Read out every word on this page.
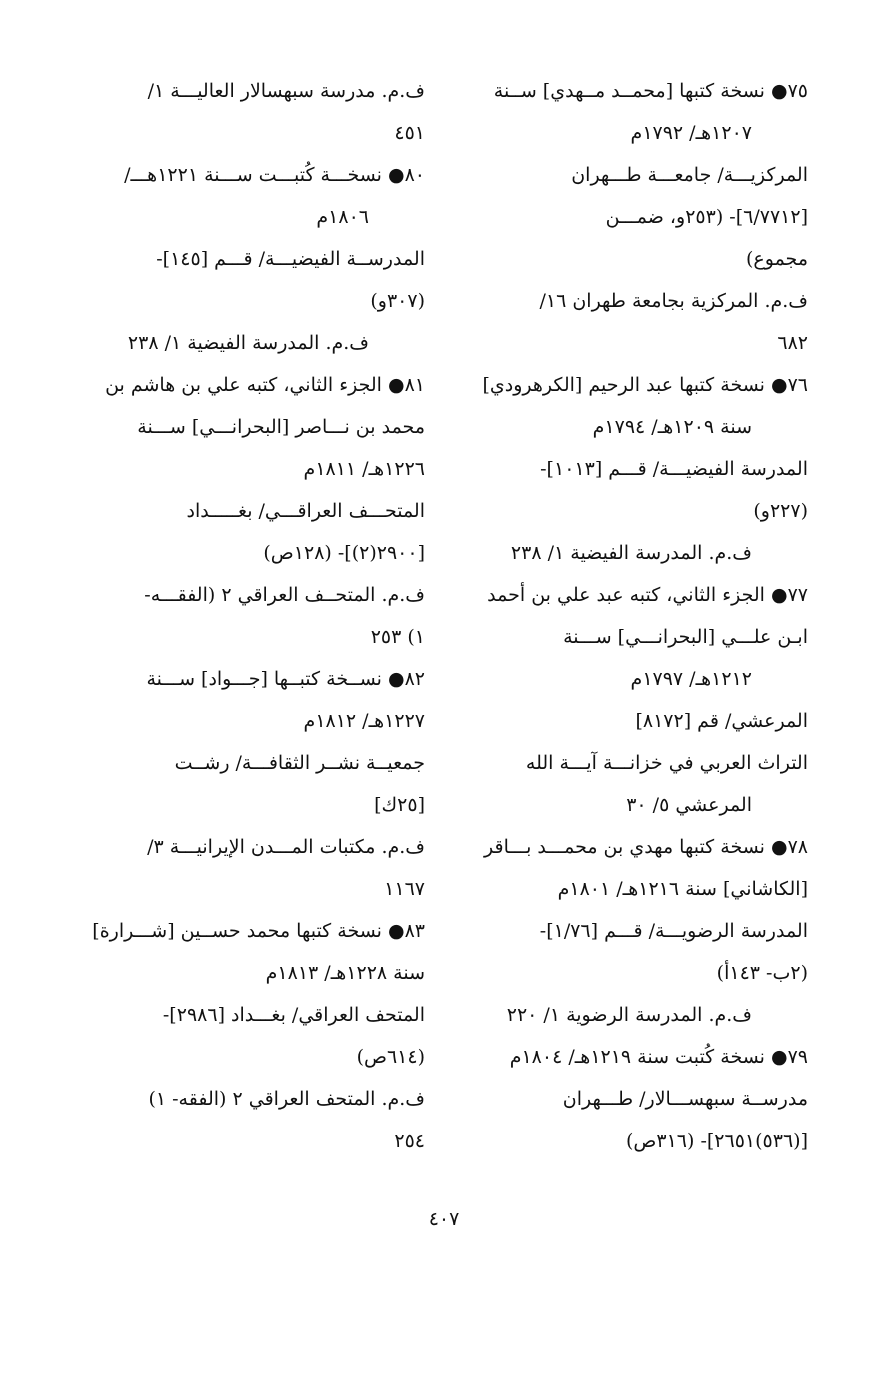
٧٥● نسخة كتبها [محمــد مــهدي] ســنة
١٢٠٧هـ/ ١٧٩٢م
المركزيـــة/ جامعـــة طـــهران
[٦/٧٧١٢]- (٢٥٣و، ضمـــن
مجموع)
ف.م. المركزية بجامعة طهران ١٦/
٦٨٢
٧٦● نسخة كتبها عبد الرحيم [الكرهرودي]
سنة ١٢٠٩هـ/ ١٧٩٤م
المدرسة الفيضيـــة/ قـــم [١٠١٣]-
(٢٢٧و)
ف.م. المدرسة الفيضية ١/ ٢٣٨
٧٧● الجزء الثاني، كتبه عبد علي بن أحمد
ابـن علـــي [البحرانـــي] ســـنة
١٢١٢هـ/ ١٧٩٧م
المرعشي/ قم [٨١٧٢]
التراث العربي في خزانـــة آيـــة الله
المرعشي ٥/ ٣٠
٧٨● نسخة كتبها مهدي بن محمـــد بـــاقر
[الكاشاني] سنة ١٢١٦هـ/ ١٨٠١م
المدرسة الرضويـــة/ قـــم [١/٧٦]-
(٢ب- ١٤٣أ)
ف.م. المدرسة الرضوية ١/ ٢٢٠
٧٩● نسخة كُتبت سنة ١٢١٩هـ/ ١٨٠٤م
مدرســة سبهســـالار/ طـــهران
[(٥٣٦)٢٦٥١]- (٣١٦ص)
ف.م. مدرسة سبهسالار العاليـــة ١/
٤٥١
٨٠● نسخـــة كُتبـــت ســـنة ١٢٢١هـــ/
١٨٠٦م
المدرســة الفيضيـــة/ قـــم [١٤٥]-
(٣٠٧و)
ف.م. المدرسة الفيضية ١/ ٢٣٨
٨١● الجزء الثاني، كتبه علي بن هاشم بن
محمد بن نـــاصر [البحرانـــي] ســـنة
١٢٢٦هـ/ ١٨١١م
المتحـــف العراقـــي/ بغـــــداد
[٢٩٠٠(٢)]- (١٢٨ص)
ف.م. المتحــف العراقي ٢ (الفقـــه-
١) ٢٥٣
٨٢● نســخة كتبــها [جـــواد] ســـنة
١٢٢٧هـ/ ١٨١٢م
جمعيــة نشــر الثقافـــة/ رشــت
[٢٥ك]
ف.م. مكتبات المـــدن الإيرانيـــة ٣/
١١٦٧
٨٣● نسخة كتبها محمد حســين [شـــرارة]
سنة ١٢٢٨هـ/ ١٨١٣م
المتحف العراقي/ بغـــداد [٢٩٨٦]-
(٦١٤ص)
ف.م. المتحف العراقي ٢ (الفقه- ١)
٢٥٤
٤٠٧
